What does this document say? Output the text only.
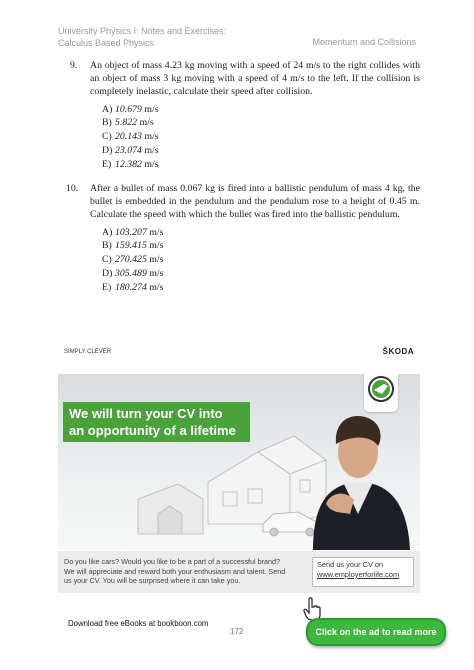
University Physics I: Notes and Exercises:
Calculus Based Physics	Momentum and Collisions
9. An object of mass 4.23 kg moving with a speed of 24 m/s to the right collides with an object of mass 3 kg moving with a speed of 4 m/s to the left. If the collision is completely inelastic, calculate their speed after collision.
A) 10.679 m/s
B) 5.822 m/s
C) 20.143 m/s
D) 23.074 m/s
E) 12.382 m/s
10. After a bullet of mass 0.067 kg is fired into a ballistic pendulum of mass 4 kg, the bullet is embedded in the pendulum and the pendulum rose to a height of 0.45 m. Calculate the speed with which the bullet was fired into the ballistic pendulum.
A) 103.207 m/s
B) 159.415 m/s
C) 270.425 m/s
D) 305.489 m/s
E) 180.274 m/s
SIMPLY CLEVER	ŠKODA
We will turn your CV into
an opportunity of a lifetime
Do you like cars? Would you like to be a part of a successful brand? We will appreciate and reward both your enthusiasm and talent. Send us your CV. You will be surprised where it can take you.
Send us your CV on
www.employerforlife.com
Download free eBooks at bookboon.com
172	Click on the ad to read more
